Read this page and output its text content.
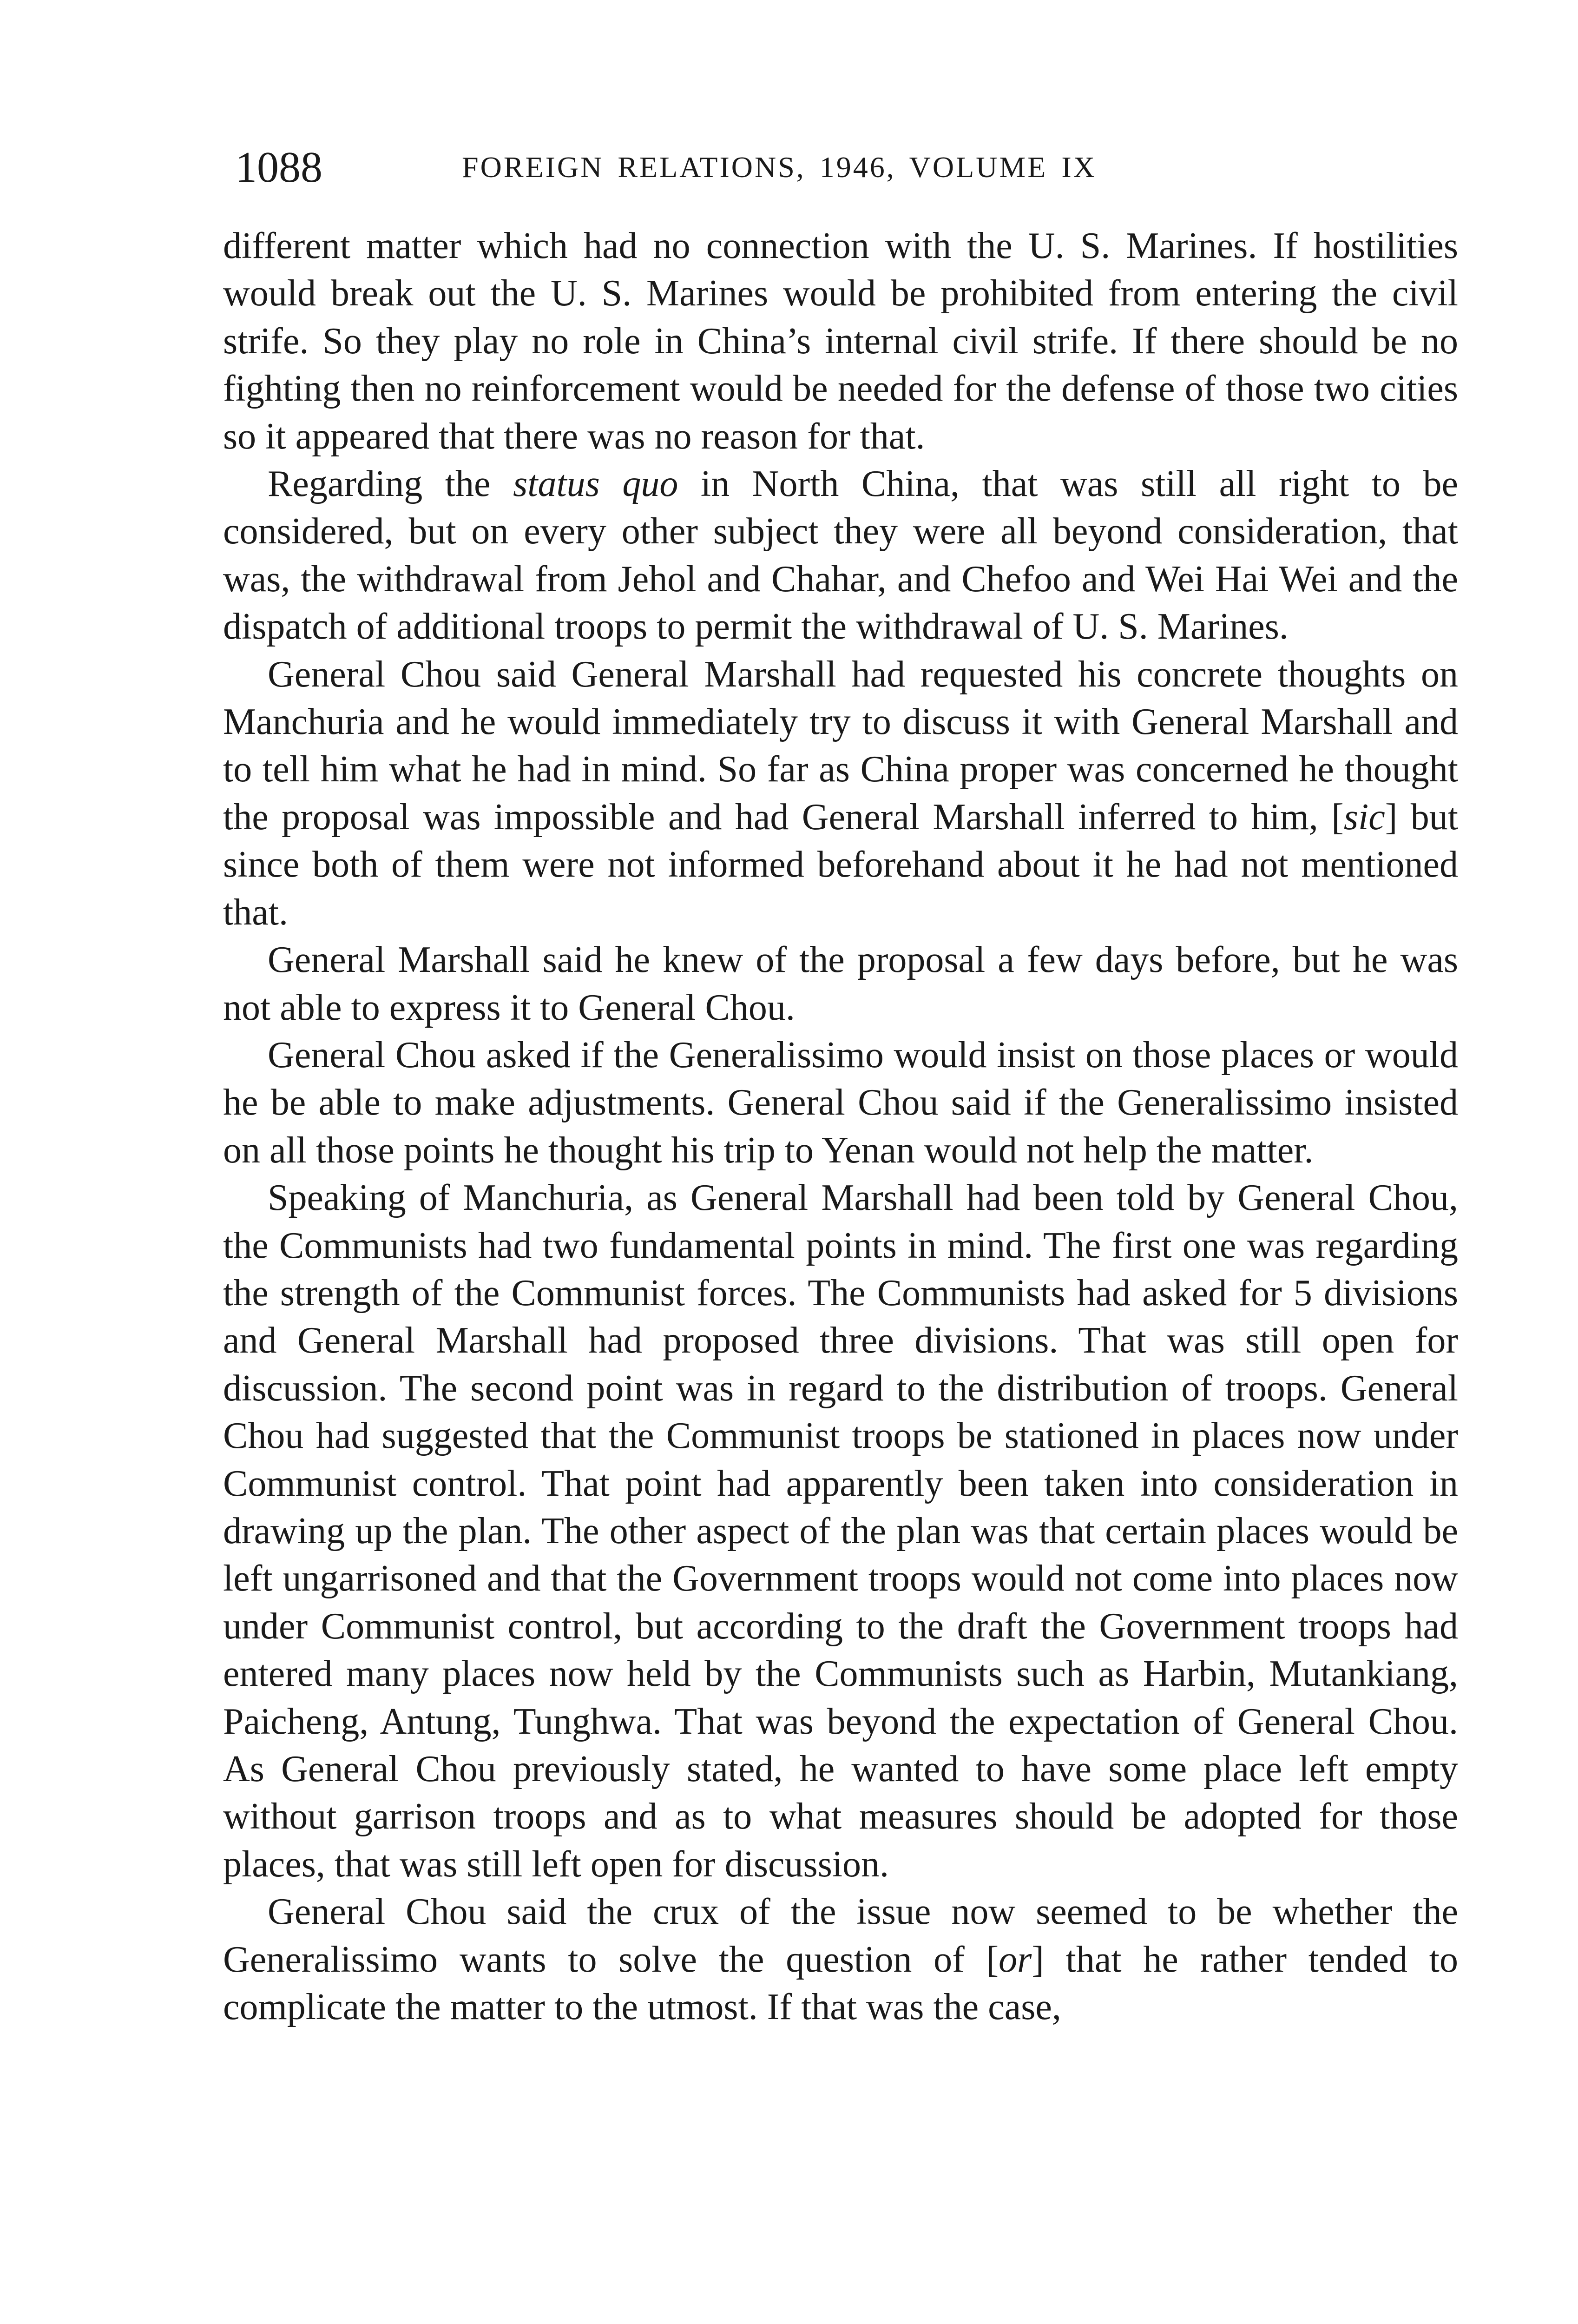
1088	FOREIGN RELATIONS, 1946, VOLUME IX

different matter which had no connection with the U. S. Marines. If hostilities would break out the U. S. Marines would be prohibited from entering the civil strife. So they play no role in China’s internal civil strife. If there should be no fighting then no reinforcement would be needed for the defense of those two cities so it appeared that there was no reason for that.

Regarding the status quo in North China, that was still all right to be considered, but on every other subject they were all beyond consideration, that was, the withdrawal from Jehol and Chahar, and Chefoo and Wei Hai Wei and the dispatch of additional troops to permit the withdrawal of U. S. Marines.

General Chou said General Marshall had requested his concrete thoughts on Manchuria and he would immediately try to discuss it with General Marshall and to tell him what he had in mind. So far as China proper was concerned he thought the proposal was impossible and had General Marshall inferred to him, [sic] but since both of them were not informed beforehand about it he had not mentioned that.

General Marshall said he knew of the proposal a few days before, but he was not able to express it to General Chou.

General Chou asked if the Generalissimo would insist on those places or would he be able to make adjustments. General Chou said if the Generalissimo insisted on all those points he thought his trip to Yenan would not help the matter.

Speaking of Manchuria, as General Marshall had been told by General Chou, the Communists had two fundamental points in mind. The first one was regarding the strength of the Communist forces. The Communists had asked for 5 divisions and General Marshall had proposed three divisions. That was still open for discussion. The second point was in regard to the distribution of troops. General Chou had suggested that the Communist troops be stationed in places now under Communist control. That point had apparently been taken into consideration in drawing up the plan. The other aspect of the plan was that certain places would be left ungarrisoned and that the Government troops would not come into places now under Communist control, but according to the draft the Government troops had entered many places now held by the Communists such as Harbin, Mutankiang, Paicheng, Antung, Tunghwa. That was beyond the expectation of General Chou. As General Chou previously stated, he wanted to have some place left empty without garrison troops and as to what measures should be adopted for those places, that was still left open for discussion.

General Chou said the crux of the issue now seemed to be whether the Generalissimo wants to solve the question of [or] that he rather tended to complicate the matter to the utmost. If that was the case,
